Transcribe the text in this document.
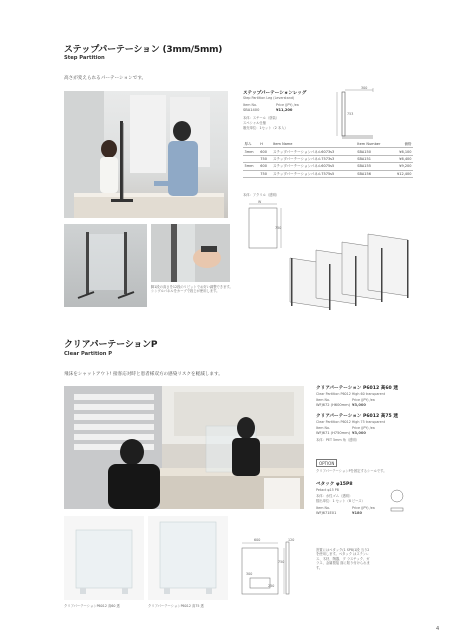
ステップパーテーション (3mm/5mm)
Step Partition
高さが変えられるパーテーションです。
ステップパーテーションレッグ
Step Partition Leg (Leverstand)
Item No.	Price (JPY) /ea
SBA1400	¥11,200
本体：スチール（塗装）
スペシャル仕様
販売単位：1セット（2 本入）
300
753
厚み	H	Item Name	Item Number	価格
3mm	600	ステップパーテーションパネル6073s3	SBA150	¥6,100
	750	ステップパーテーションパネル7573s3	SBA151	¥6,400
5mm	600	ステップパーテーションパネル6075s5	SBA155	¥9,200
	750	ステップパーテーションパネル7575s5	SBA156	¥12,400
本体：アクリル（透明）
W
750
脚1段の高さを12段のリピットでお好い調整できます。シングルパネルをカーブで段じが使用します。
クリアパーテーションP
Clear Partition P
飛沫をシャットアウト! 接客応対時と患者様双方の感染リスクを軽減します。
クリアパーテーション P6012 高60 透
Clear Partition P6012 High 60 transparent
Item No.	Price (JPY) /ea
WFJ672 (H600mm) ¥3,000
クリアパーテーション P6012 高75 透
Clear Partition P6012 High 75 transparent
Item No.	Price (JPY) /ea
WFJ671 (H750mm) ¥3,000
本体：PET 5mm 角（透明）
OPTION
クリアパーテーションPを固定するシールです。
ペタック φ15P8
Petact φ15 P8
本体：水性ゴム（透明）
数出単位：1 セット（8 ピース）
Item No.	Price (JPY) /ea
WFJ671E01	¥180
クリアパーテーションP6012 高60 透	クリアパーテーションP6012 高75 透
600
300
120
750
250
設置にはペタック(1 SP8)1段 当り2を使用します。ペタック はステンレス、木材、陶器、プ ラスチック、ガラス、金属製接 面に貼り付けられます。
4
